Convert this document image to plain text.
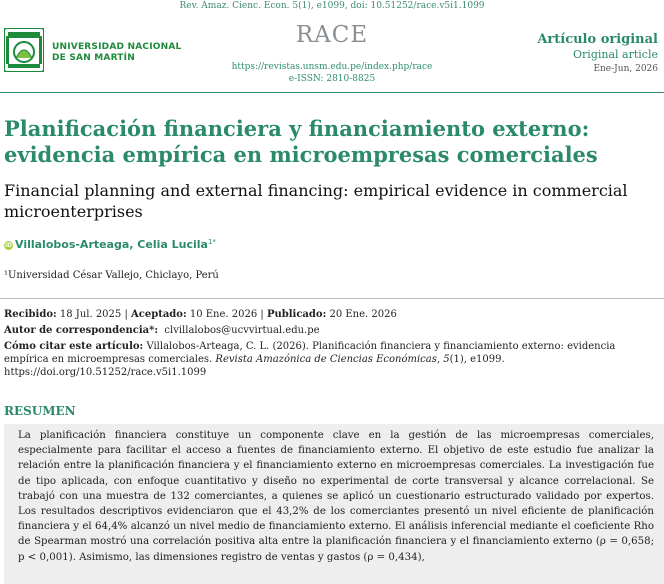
Rev. Amaz. Cienc. Econ. 5(1), e1099, doi: 10.51252/race.v5i1.1099
UNIVERSIDAD NACIONAL
DE SAN MARTÍN
RACE
https://revistas.unsm.edu.pe/index.php/race
e-ISSN: 2810-8825
Artículo original
Original article
Ene-Jun, 2026
Planificación financiera y financiamiento externo: evidencia empírica en microempresas comerciales
Financial planning and external financing: empirical evidence in commercial microenterprises
iD Villalobos-Arteaga, Celia Lucila$^{1*}$
¹Universidad César Vallejo, Chiclayo, Perú
Recibido: 18 Jul. 2025 | Aceptado: 10 Ene. 2026 | Publicado: 20 Ene. 2026
Autor de correspondencia*: clvillalobos@ucvvirtual.edu.pe
Cómo citar este artículo: Villalobos-Arteaga, C. L. (2026). Planificación financiera y financiamiento externo: evidencia empírica en microempresas comerciales. Revista Amazónica de Ciencias Económicas, 5(1), e1099. https://doi.org/10.51252/race.v5i1.1099
RESUMEN
La planificación financiera constituye un componente clave en la gestión de las microempresas comerciales, especialmente para facilitar el acceso a fuentes de financiamiento externo. El objetivo de este estudio fue analizar la relación entre la planificación financiera y el financiamiento externo en microempresas comerciales. La investigación fue de tipo aplicada, con enfoque cuantitativo y diseño no experimental de corte transversal y alcance correlacional. Se trabajó con una muestra de 132 comerciantes, a quienes se aplicó un cuestionario estructurado validado por expertos. Los resultados descriptivos evidenciaron que el 43,2% de los comerciantes presentó un nivel eficiente de planificación financiera y el 64,4% alcanzó un nivel medio de financiamiento externo. El análisis inferencial mediante el coeficiente Rho de Spearman mostró una correlación positiva alta entre la planificación financiera y el financiamiento externo (ρ = 0,658; p < 0,001). Asimismo, las dimensiones registro de ventas y gastos (ρ = 0,434),
